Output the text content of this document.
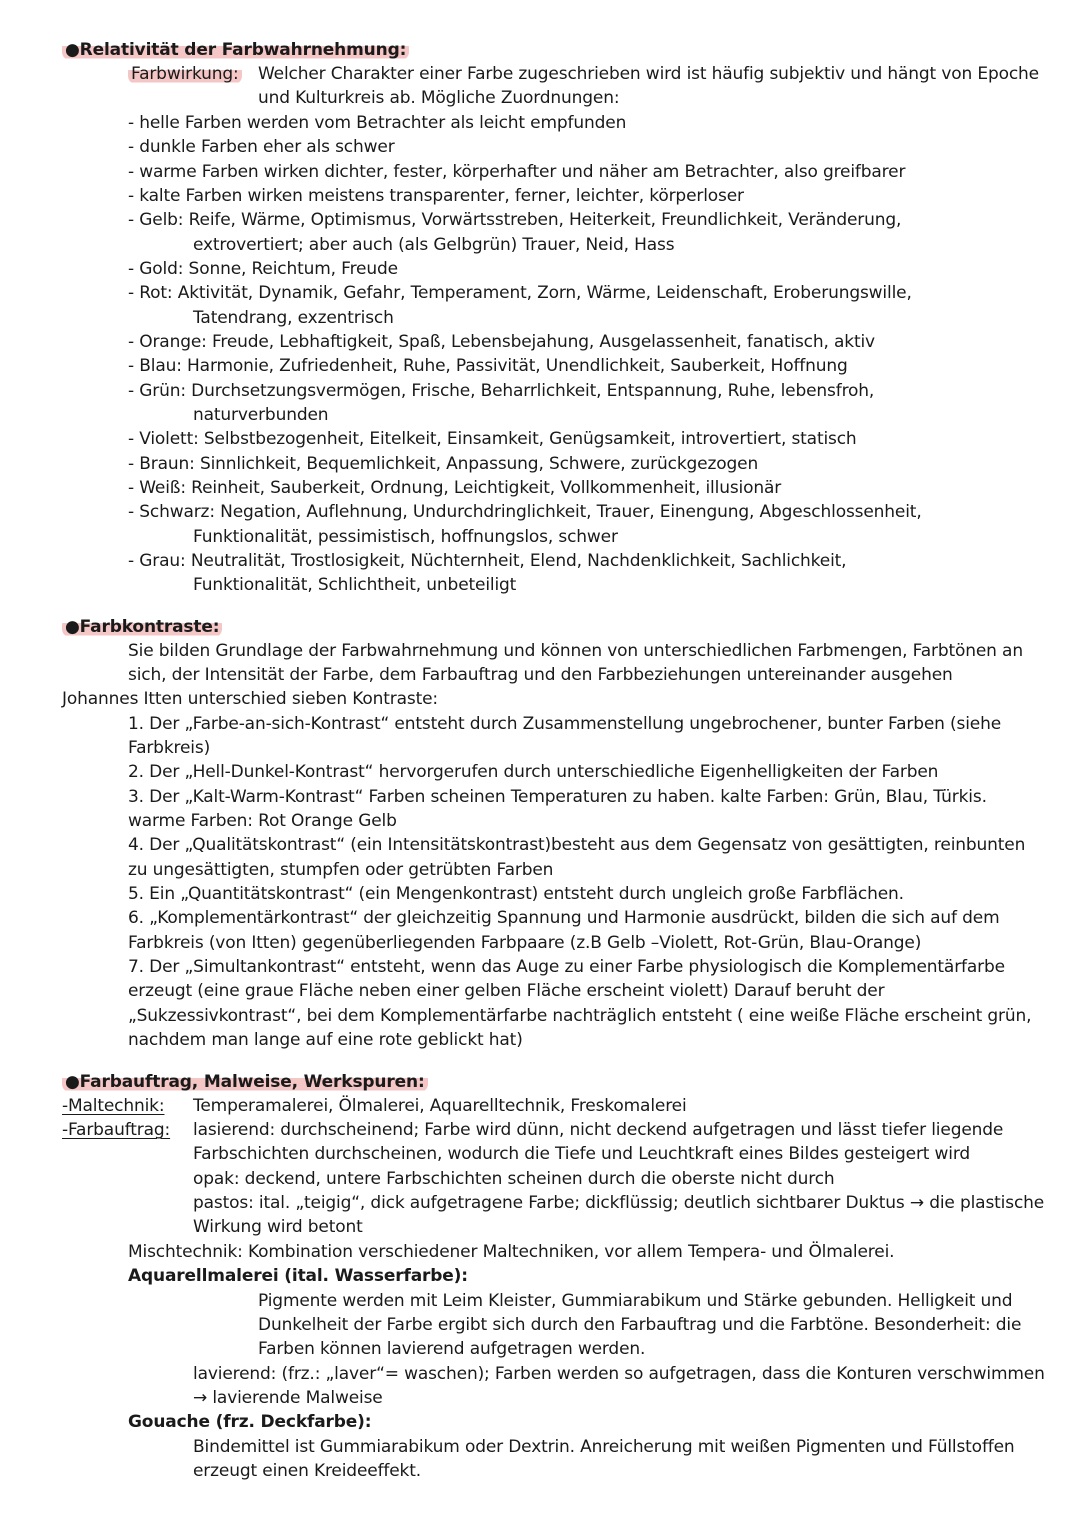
●Relativität der Farbwahrnehmung:
Farbwirkung: Welcher Charakter einer Farbe zugeschrieben wird ist häufig subjektiv und hängt von Epoche
und Kulturkreis ab. Mögliche Zuordnungen:
- helle Farben werden vom Betrachter als leicht empfunden
- dunkle Farben eher als schwer
- warme Farben wirken dichter, fester, körperhafter und näher am Betrachter, also greifbarer
- kalte Farben wirken meistens transparenter, ferner, leichter, körperloser
- Gelb: Reife, Wärme, Optimismus, Vorwärtsstreben, Heiterkeit, Freundlichkeit, Veränderung,
extrovertiert; aber auch (als Gelbgrün) Trauer, Neid, Hass
- Gold: Sonne, Reichtum, Freude
- Rot: Aktivität, Dynamik, Gefahr, Temperament, Zorn, Wärme, Leidenschaft, Eroberungswille,
Tatendrang, exzentrisch
- Orange: Freude, Lebhaftigkeit, Spaß, Lebensbejahung, Ausgelassenheit, fanatisch, aktiv
- Blau: Harmonie, Zufriedenheit, Ruhe, Passivität, Unendlichkeit, Sauberkeit, Hoffnung
- Grün: Durchsetzungsvermögen, Frische, Beharrlichkeit, Entspannung, Ruhe, lebensfroh,
naturverbunden
- Violett: Selbstbezogenheit, Eitelkeit, Einsamkeit, Genügsamkeit, introvertiert, statisch
- Braun: Sinnlichkeit, Bequemlichkeit, Anpassung, Schwere, zurückgezogen
- Weiß: Reinheit, Sauberkeit, Ordnung, Leichtigkeit, Vollkommenheit, illusionär
- Schwarz: Negation, Auflehnung, Undurchdringlichkeit, Trauer, Einengung, Abgeschlossenheit,
Funktionalität, pessimistisch, hoffnungslos, schwer
- Grau: Neutralität, Trostlosigkeit, Nüchternheit, Elend, Nachdenklichkeit, Sachlichkeit,
Funktionalität, Schlichtheit, unbeteiligt
●Farbkontraste:
Sie bilden Grundlage der Farbwahrnehmung und können von unterschiedlichen Farbmengen, Farbtönen an
sich, der Intensität der Farbe, dem Farbauftrag und den Farbbeziehungen untereinander ausgehen
Johannes Itten unterschied sieben Kontraste:
1. Der „Farbe-an-sich-Kontrast“ entsteht durch Zusammenstellung ungebrochener, bunter Farben (siehe
Farbkreis)
2. Der „Hell-Dunkel-Kontrast“ hervorgerufen durch unterschiedliche Eigenhelligkeiten der Farben
3. Der „Kalt-Warm-Kontrast“ Farben scheinen Temperaturen zu haben. kalte Farben: Grün, Blau, Türkis.
warme Farben: Rot Orange Gelb
4. Der „Qualitätskontrast“ (ein Intensitätskontrast)besteht aus dem Gegensatz von gesättigten, reinbunten
zu ungesättigten, stumpfen oder getrübten Farben
5. Ein „Quantitätskontrast“ (ein Mengenkontrast) entsteht durch ungleich große Farbflächen.
6. „Komplementärkontrast“ der gleichzeitig Spannung und Harmonie ausdrückt, bilden die sich auf dem
Farbkreis (von Itten) gegenüberliegenden Farbpaare (z.B Gelb –Violett, Rot-Grün, Blau-Orange)
7. Der „Simultankontrast“ entsteht, wenn das Auge zu einer Farbe physiologisch die Komplementärfarbe
erzeugt (eine graue Fläche neben einer gelben Fläche erscheint violett) Darauf beruht der
„Sukzessivkontrast“, bei dem Komplementärfarbe nachträglich entsteht ( eine weiße Fläche erscheint grün,
nachdem man lange auf eine rote geblickt hat)
●Farbauftrag, Malweise, Werkspuren:
-Maltechnik: Temperamalerei, Ölmalerei, Aquarelltechnik, Freskomalerei
-Farbauftrag: lasierend: durchscheinend; Farbe wird dünn, nicht deckend aufgetragen und lässt tiefer liegende
Farbschichten durchscheinen, wodurch die Tiefe und Leuchtkraft eines Bildes gesteigert wird
opak: deckend, untere Farbschichten scheinen durch die oberste nicht durch
pastos: ital. „teigig“, dick aufgetragene Farbe; dickflüssig; deutlich sichtbarer Duktus → die plastische
Wirkung wird betont
Mischtechnik: Kombination verschiedener Maltechniken, vor allem Tempera- und Ölmalerei.
Aquarellmalerei (ital. Wasserfarbe):
Pigmente werden mit Leim Kleister, Gummiarabikum und Stärke gebunden. Helligkeit und
Dunkelheit der Farbe ergibt sich durch den Farbauftrag und die Farbtöne. Besonderheit: die
Farben können lavierend aufgetragen werden.
lavierend: (frz.: „laver“= waschen); Farben werden so aufgetragen, dass die Konturen verschwimmen
→ lavierende Malweise
Gouache (frz. Deckfarbe):
Bindemittel ist Gummiarabikum oder Dextrin. Anreicherung mit weißen Pigmenten und Füllstoffen
erzeugt einen Kreideeffekt.
